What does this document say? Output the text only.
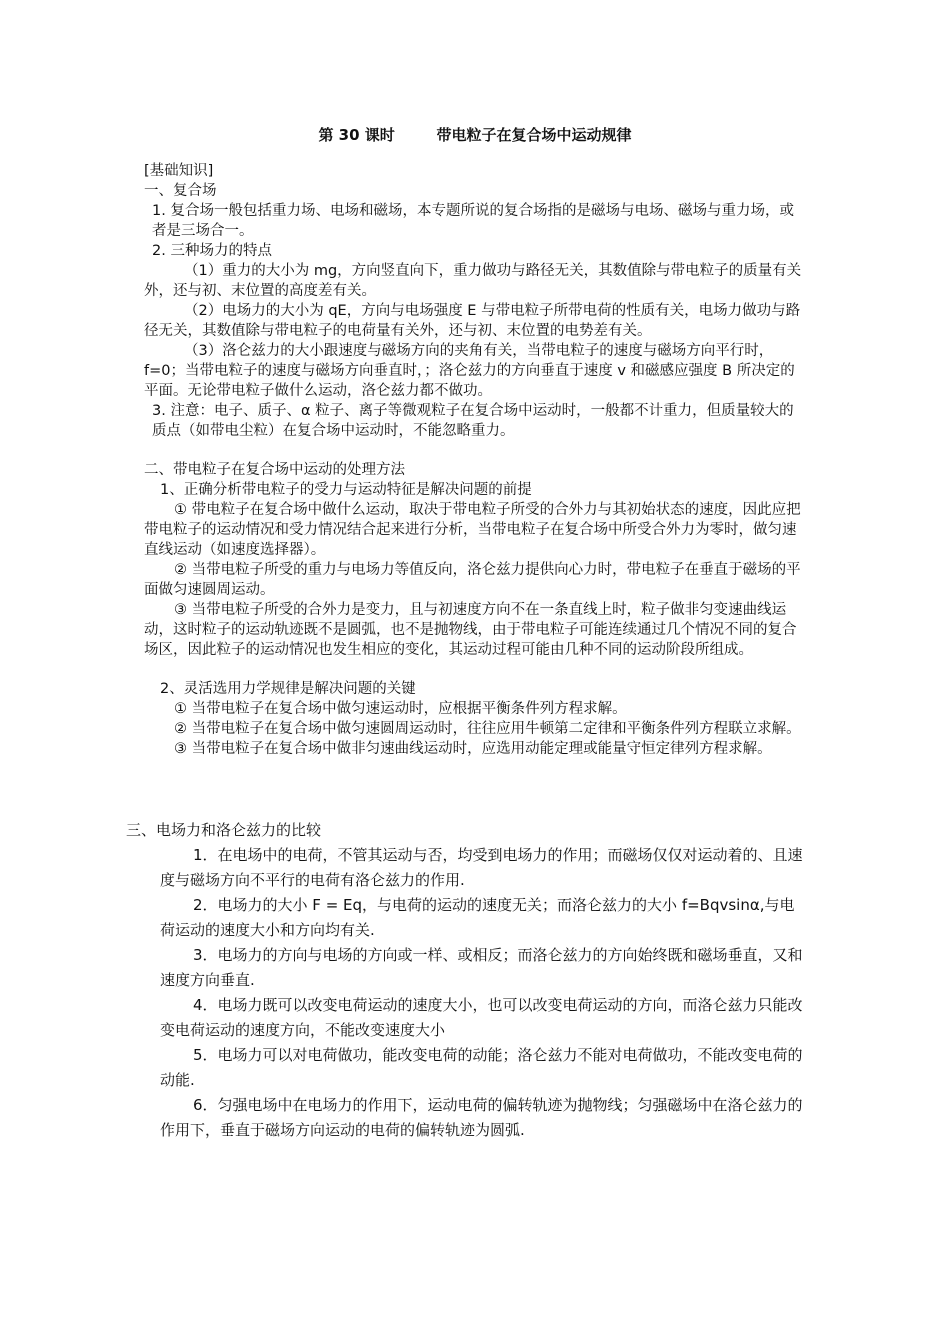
第 30 课时        带电粒子在复合场中运动规律

[基础知识]

一、复合场

1. 复合场一般包括重力场、电场和磁场，本专题所说的复合场指的是磁场与电场、磁场与重力场，或者是三场合一。

2. 三种场力的特点

（1）重力的大小为 mg，方向竖直向下，重力做功与路径无关，其数值除与带电粒子的质量有关外，还与初、末位置的高度差有关。

（2）电场力的大小为 qE，方向与电场强度 E 与带电粒子所带电荷的性质有关，电场力做功与路径无关，其数值除与带电粒子的电荷量有关外，还与初、末位置的电势差有关。

（3）洛仑兹力的大小跟速度与磁场方向的夹角有关，当带电粒子的速度与磁场方向平行时，f=0；当带电粒子的速度与磁场方向垂直时，；洛仑兹力的方向垂直于速度 v 和磁感应强度 B 所决定的平面。无论带电粒子做什么运动，洛仑兹力都不做功。

3. 注意：电子、质子、α 粒子、离子等微观粒子在复合场中运动时，一般都不计重力，但质量较大的质点（如带电尘粒）在复合场中运动时，不能忽略重力。

二、带电粒子在复合场中运动的处理方法

1、正确分析带电粒子的受力与运动特征是解决问题的前提

① 带电粒子在复合场中做什么运动，取决于带电粒子所受的合外力与其初始状态的速度，因此应把带电粒子的运动情况和受力情况结合起来进行分析，当带电粒子在复合场中所受合外力为零时，做匀速直线运动（如速度选择器）。

② 当带电粒子所受的重力与电场力等值反向，洛仑兹力提供向心力时，带电粒子在垂直于磁场的平面做匀速圆周运动。

③ 当带电粒子所受的合外力是变力，且与初速度方向不在一条直线上时，粒子做非匀变速曲线运动，这时粒子的运动轨迹既不是圆弧，也不是抛物线，由于带电粒子可能连续通过几个情况不同的复合场区，因此粒子的运动情况也发生相应的变化，其运动过程可能由几种不同的运动阶段所组成。

2、灵活选用力学规律是解决问题的关键

① 当带电粒子在复合场中做匀速运动时，应根据平衡条件列方程求解。

② 当带电粒子在复合场中做匀速圆周运动时，往往应用牛顿第二定律和平衡条件列方程联立求解。

③ 当带电粒子在复合场中做非匀速曲线运动时，应选用动能定理或能量守恒定律列方程求解。

三、电场力和洛仑兹力的比较

1．在电场中的电荷，不管其运动与否，均受到电场力的作用；而磁场仅仅对运动着的、且速度与磁场方向不平行的电荷有洛仑兹力的作用.

2．电场力的大小 F = Eq，与电荷的运动的速度无关；而洛仑兹力的大小 f=Bqvsinα,与电荷运动的速度大小和方向均有关.

3．电场力的方向与电场的方向或一样、或相反；而洛仑兹力的方向始终既和磁场垂直，又和速度方向垂直.

4．电场力既可以改变电荷运动的速度大小，也可以改变电荷运动的方向，而洛仑兹力只能改变电荷运动的速度方向，不能改变速度大小

5．电场力可以对电荷做功，能改变电荷的动能；洛仑兹力不能对电荷做功，不能改变电荷的动能.

6．匀强电场中在电场力的作用下，运动电荷的偏转轨迹为抛物线；匀强磁场中在洛仑兹力的作用下，垂直于磁场方向运动的电荷的偏转轨迹为圆弧.
